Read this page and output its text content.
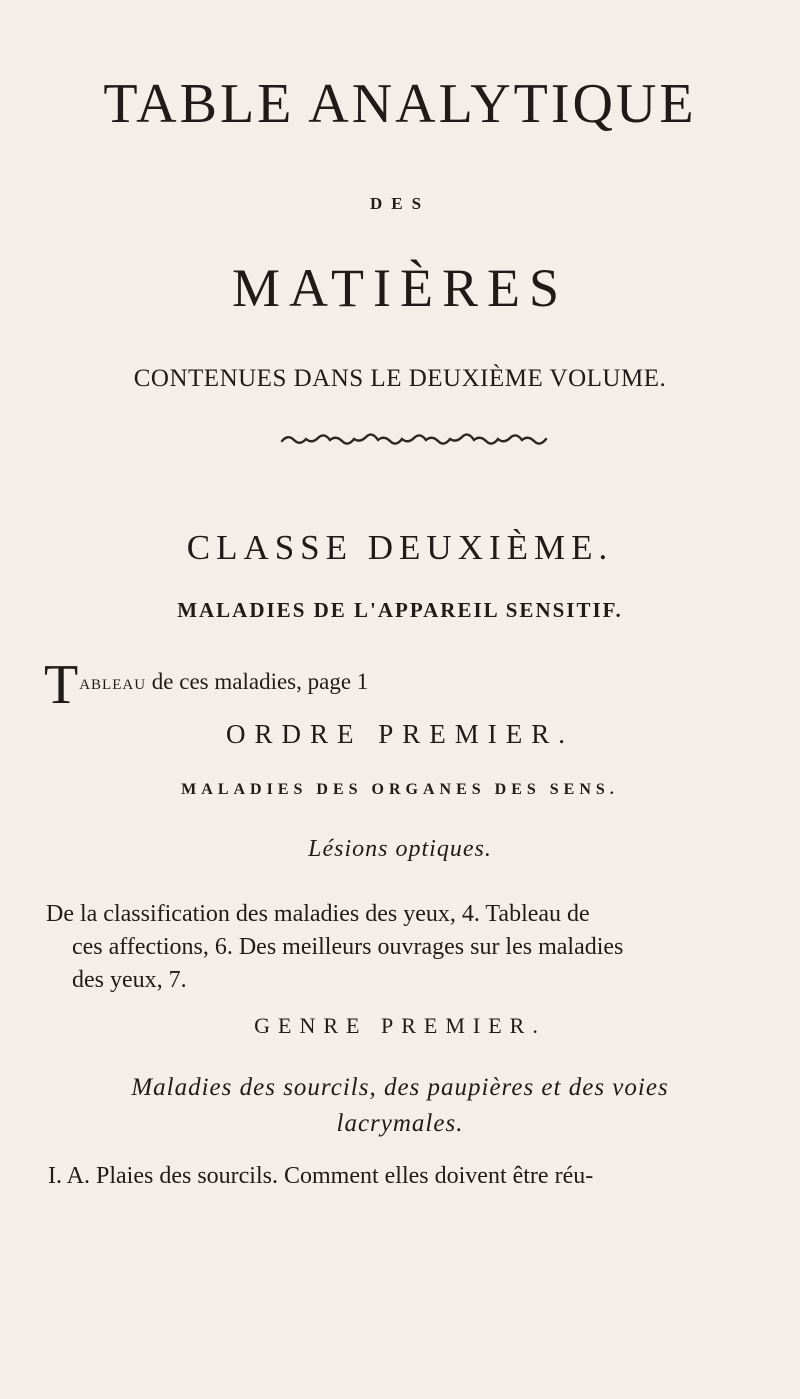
TABLE ANALYTIQUE
DES
MATIÈRES
CONTENUES DANS LE DEUXIÈME VOLUME.
CLASSE DEUXIÈME.
MALADIES DE L'APPAREIL SENSITIF.
TABLEAU de ces maladies, page 1
ORDRE PREMIER.
MALADIES DES ORGANES DES SENS.
Lésions optiques.
De la classification des maladies des yeux, 4. Tableau de
ces affections, 6. Des meilleurs ouvrages sur les maladies
des yeux, 7.
GENRE PREMIER.
Maladies des sourcils, des paupières et des voies
lacrymales.
I. A. Plaies des sourcils. Comment elles doivent être réu-
